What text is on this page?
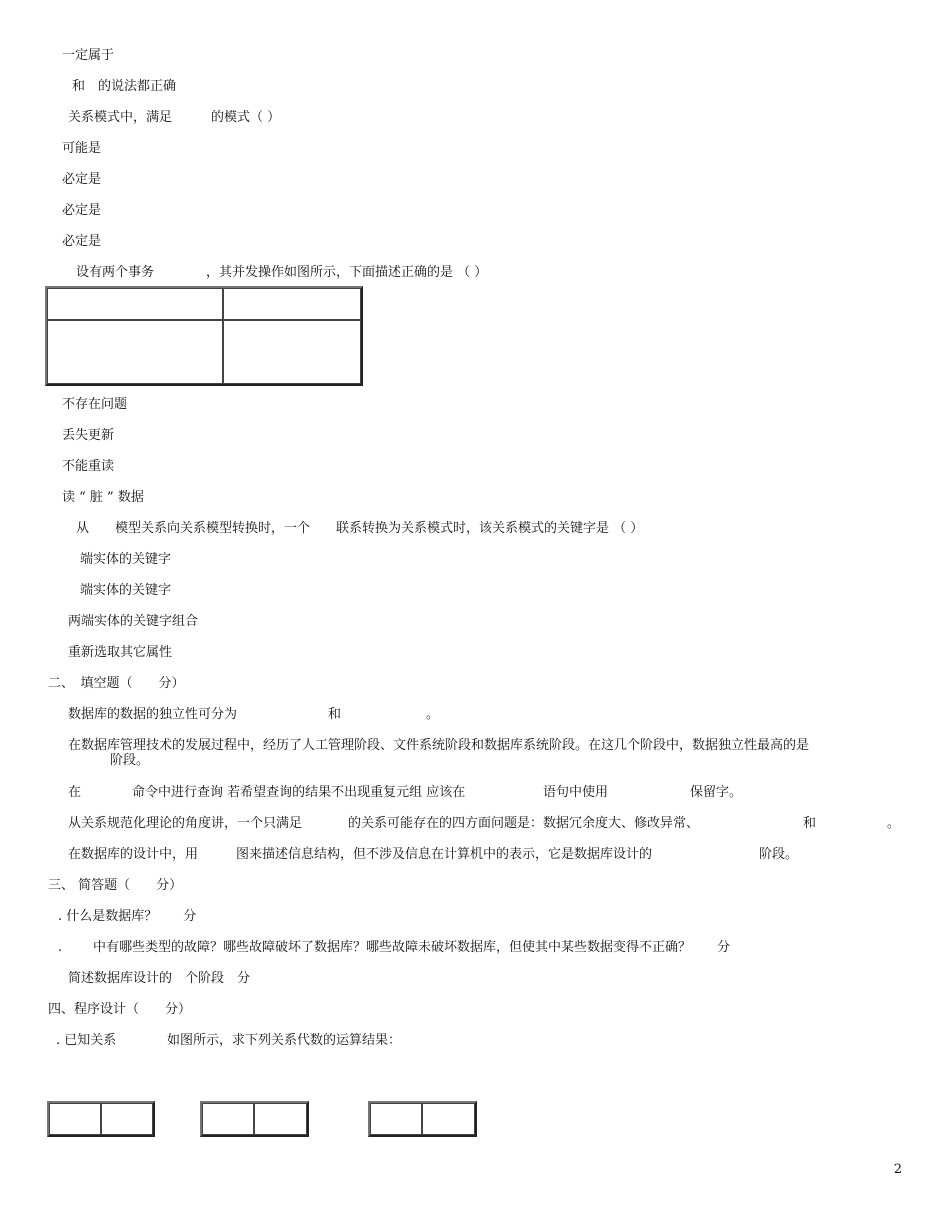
一定属于
和　的说法都正确
关系模式中，满足　　　的模式（ ）
可能是
必定是
必定是
必定是
设有两个事务　　　　，其并发操作如图所示，下面描述正确的是 （ ）

不存在问题
丢失更新
不能重读
读 “ 脏 ” 数据
从　　模型关系向关系模型转换时，一个　　联系转换为关系模式时，该关系模式的关键字是 （ ）
端实体的关键字
端实体的关键字
两端实体的关键字组合
重新选取其它属性
二、　填空题（　　分）
数据库的数据的独立性可分为	和	。
在数据库管理技术的发展过程中，经历了人工管理阶段、文件系统阶段和数据库系统阶段。在这几个阶段中，数据独立性最高的是
阶段。
在	命令中进行查询 若希望查询的结果不出现重复元组 应该在	语句中使用	保留字。
从关系规范化理论的角度讲，一个只满足	的关系可能存在的四方面问题是：数据冗余度大、修改异常、	和	。
在数据库的设计中，用	图来描述信息结构，但不涉及信息在计算机中的表示，它是数据库设计的	阶段。
三、 简答题（　　分）
. 什么是数据库？　　分
. 中有哪些类型的故障？哪些故障破坏了数据库？哪些故障未破坏数据库，但使其中某些数据变得不正确？　　分
简述数据库设计的　个阶段　分
四、程序设计（　　分）
. 已知关系	如图所示，求下列关系代数的运算结果：

2
